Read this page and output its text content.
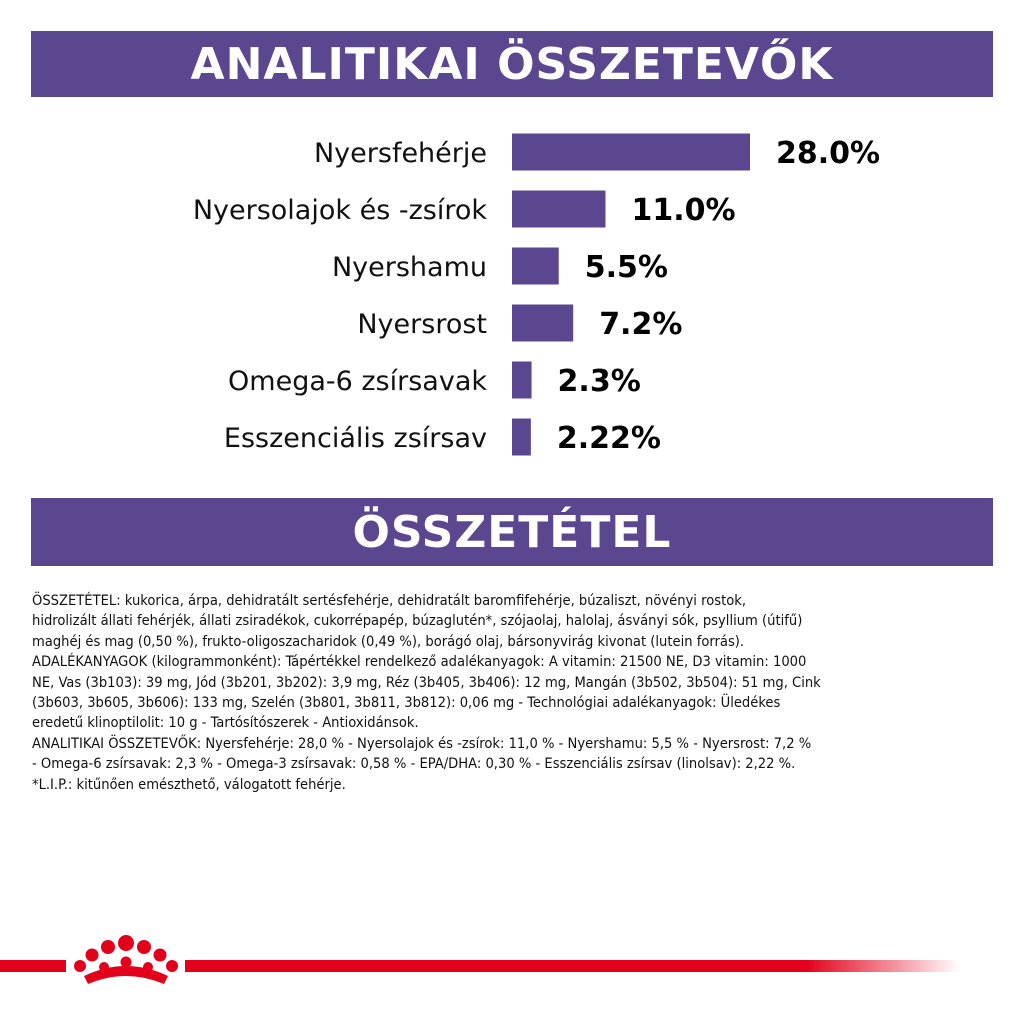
ANALITIKAI ÖSSZETEVŐK
Nyersfehérje	28.0%
Nyersolajok és -zsírok	11.0%
Nyershamu	5.5%
Nyersrost	7.2%
Omega-6 zsírsavak 2.3%
Esszenciális zsírsav 2.22%
ÖSSZETÉTEL

ÖSSZETÉTEL: kukorica, árpa, dehidratált sertésfehérje, dehidratált baromfifehérje, búzaliszt, növényi rostok,

hidrolizált állati fehérjék, állati zsiradékok, cukorrépapép, búzaglutén*, szójaolaj, halolaj, ásványi sók, psyllium (útifű)

maghéj és mag (0,50 %), frukto-oligoszacharidok (0,49 %), borágó olaj, bársonyvirág kivonat (lutein forrás).

ADALÉKANYAGOK (kilogrammonként): Tápértékkel rendelkező adalékanyagok: A vitamin: 21500 NE, D3 vitamin: 1000

NE, Vas (3b103): 39 mg, Jód (3b201, 3b202): 3,9 mg, Réz (3b405, 3b406): 12 mg, Mangán (3b502, 3b504): 51 mg, Cink

(3b603, 3b605, 3b606): 133 mg, Szelén (3b801, 3b811, 3b812): 0,06 mg - Technológiai adalékanyagok: Üledékes

eredetű klinoptilolit: 10 g - Tartósítószerek - Antioxidánsok.

ANALITIKAI ÖSSZETEVŐK: Nyersfehérje: 28,0 % - Nyersolajok és -zsírok: 11,0 % - Nyershamu: 5,5 % - Nyersrost: 7,2 %

- Omega-6 zsírsavak: 2,3 % - Omega-3 zsírsavak: 0,58 % - EPA/DHA: 0,30 % - Esszenciális zsírsav (linolsav): 2,22 %.

*L.I.P.: kitűnően emészthető, válogatott fehérje.
